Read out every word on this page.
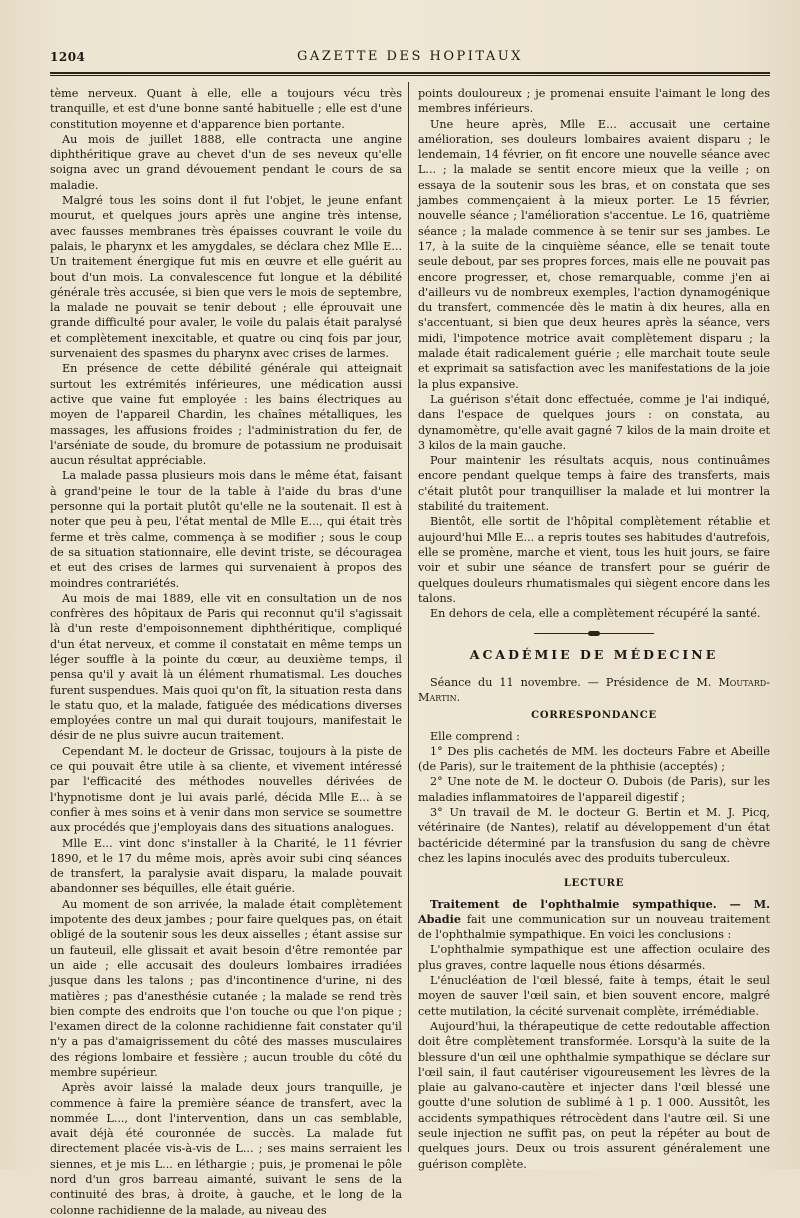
1204	GAZETTE DES HOPITAUX

tème nerveux. Quant à elle, elle a toujours vécu très tranquille, et est d'une bonne santé habituelle ; elle est d'une constitution moyenne et d'apparence bien portante.

Au mois de juillet 1888, elle contracta une angine diphthéritique grave au chevet d'un de ses neveux qu'elle soigna avec un grand dévouement pendant le cours de sa maladie.

Malgré tous les soins dont il fut l'objet, le jeune enfant mourut, et quelques jours après une angine très intense, avec fausses membranes très épaisses couvrant le voile du palais, le pharynx et les amygdales, se déclara chez Mlle E... Un traitement énergique fut mis en œuvre et elle guérit au bout d'un mois. La convalescence fut longue et la débilité générale très accusée, si bien que vers le mois de septembre, la malade ne pouvait se tenir debout ; elle éprouvait une grande difficulté pour avaler, le voile du palais était paralysé et complètement inexcitable, et quatre ou cinq fois par jour, survenaient des spasmes du pharynx avec crises de larmes.

En présence de cette débilité générale qui atteignait surtout les extrémités inférieures, une médication aussi active que vaine fut employée : les bains électriques au moyen de l'appareil Chardin, les chaînes métalliques, les massages, les affusions froides ; l'administration du fer, de l'arséniate de soude, du bromure de potassium ne produisait aucun résultat appréciable.

La malade passa plusieurs mois dans le même état, faisant à grand'peine le tour de la table à l'aide du bras d'une personne qui la portait plutôt qu'elle ne la soutenait. Il est à noter que peu à peu, l'état mental de Mlle E..., qui était très ferme et très calme, commença à se modifier ; sous le coup de sa situation stationnaire, elle devint triste, se découragea et eut des crises de larmes qui survenaient à propos des moindres contrariétés.

Au mois de mai 1889, elle vit en consultation un de nos confrères des hôpitaux de Paris qui reconnut qu'il s'agissait là d'un reste d'empoisonnement diphthéritique, compliqué d'un état nerveux, et comme il constatait en même temps un léger souffle à la pointe du cœur, au deuxième temps, il pensa qu'il y avait là un élément rhumatismal. Les douches furent suspendues. Mais quoi qu'on fît, la situation resta dans le statu quo, et la malade, fatiguée des médications diverses employées contre un mal qui durait toujours, manifestait le désir de ne plus suivre aucun traitement.

Cependant M. le docteur de Grissac, toujours à la piste de ce qui pouvait être utile à sa cliente, et vivement intéressé par l'efficacité des méthodes nouvelles dérivées de l'hypnotisme dont je lui avais parlé, décida Mlle E... à se confier à mes soins et à venir dans mon service se soumettre aux procédés que j'employais dans des situations analogues.

Mlle E... vint donc s'installer à la Charité, le 11 février 1890, et le 17 du même mois, après avoir subi cinq séances de transfert, la paralysie avait disparu, la malade pouvait abandonner ses béquilles, elle était guérie.

Au moment de son arrivée, la malade était complètement impotente des deux jambes ; pour faire quelques pas, on était obligé de la soutenir sous les deux aisselles ; étant assise sur un fauteuil, elle glissait et avait besoin d'être remontée par un aide ; elle accusait des douleurs lombaires irradiées jusque dans les talons ; pas d'incontinence d'urine, ni des matières ; pas d'anesthésie cutanée ; la malade se rend très bien compte des endroits que l'on touche ou que l'on pique ; l'examen direct de la colonne rachidienne fait constater qu'il n'y a pas d'amaigrissement du côté des masses musculaires des régions lombaire et fessière ; aucun trouble du côté du membre supérieur.

Après avoir laissé la malade deux jours tranquille, je commence à faire la première séance de transfert, avec la nommée L..., dont l'intervention, dans un cas semblable, avait déjà été couronnée de succès. La malade fut directement placée vis-à-vis de L... ; ses mains serraient les siennes, et je mis L... en léthargie ; puis, je promenai le pôle nord d'un gros barreau aimanté, suivant le sens de la continuité des bras, à droite, à gauche, et le long de la colonne rachidienne de la malade, au niveau des

points douloureux ; je promenai ensuite l'aimant le long des membres inférieurs.

Une heure après, Mlle E... accusait une certaine amélioration, ses douleurs lombaires avaient disparu ; le lendemain, 14 février, on fit encore une nouvelle séance avec L... ; la malade se sentit encore mieux que la veille ; on essaya de la soutenir sous les bras, et on constata que ses jambes commençaient à la mieux porter. Le 15 février, nouvelle séance ; l'amélioration s'accentue. Le 16, quatrième séance ; la malade commence à se tenir sur ses jambes. Le 17, à la suite de la cinquième séance, elle se tenait toute seule debout, par ses propres forces, mais elle ne pouvait pas encore progresser, et, chose remarquable, comme j'en ai d'ailleurs vu de nombreux exemples, l'action dynamogénique du transfert, commencée dès le matin à dix heures, alla en s'accentuant, si bien que deux heures après la séance, vers midi, l'impotence motrice avait complètement disparu ; la malade était radicalement guérie ; elle marchait toute seule et exprimait sa satisfaction avec les manifestations de la joie la plus expansive.

La guérison s'était donc effectuée, comme je l'ai indiqué, dans l'espace de quelques jours : on constata, au dynamomètre, qu'elle avait gagné 7 kilos de la main droite et 3 kilos de la main gauche.

Pour maintenir les résultats acquis, nous continuâmes encore pendant quelque temps à faire des transferts, mais c'était plutôt pour tranquilliser la malade et lui montrer la stabilité du traitement.

Bientôt, elle sortit de l'hôpital complètement rétablie et aujourd'hui Mlle E... a repris toutes ses habitudes d'autrefois, elle se promène, marche et vient, tous les huit jours, se faire voir et subir une séance de transfert pour se guérir de quelques douleurs rhumatismales qui siègent encore dans les talons.

En dehors de cela, elle a complètement récupéré la santé.

ACADÉMIE DE MÉDECINE

Séance du 11 novembre. — Présidence de M. Moutard-Martin.

CORRESPONDANCE

Elle comprend :

1° Des plis cachetés de MM. les docteurs Fabre et Abeille (de Paris), sur le traitement de la phthisie (acceptés) ;

2° Une note de M. le docteur O. Dubois (de Paris), sur les maladies inflammatoires de l'appareil digestif ;

3° Un travail de M. le docteur G. Bertin et M. J. Picq, vétérinaire (de Nantes), relatif au développement d'un état bactéricide déterminé par la transfusion du sang de chèvre chez les lapins inoculés avec des produits tuberculeux.

LECTURE

Traitement de l'ophthalmie sympathique. — M. Abadie fait une communication sur un nouveau traitement de l'ophthalmie sympathique. En voici les conclusions :

L'ophthalmie sympathique est une affection oculaire des plus graves, contre laquelle nous étions désarmés.

L'énucléation de l'œil blessé, faite à temps, était le seul moyen de sauver l'œil sain, et bien souvent encore, malgré cette mutilation, la cécité survenait complète, irrémédiable.

Aujourd'hui, la thérapeutique de cette redoutable affection doit être complètement transformée. Lorsqu'à la suite de la blessure d'un œil une ophthalmie sympathique se déclare sur l'œil sain, il faut cautériser vigoureusement les lèvres de la plaie au galvano-cautère et injecter dans l'œil blessé une goutte d'une solution de sublimé à 1 p. 1 000. Aussitôt, les accidents sympathiques rétrocèdent dans l'autre œil. Si une seule injection ne suffit pas, on peut la répéter au bout de quelques jours. Deux ou trois assurent généralement une guérison complète.
